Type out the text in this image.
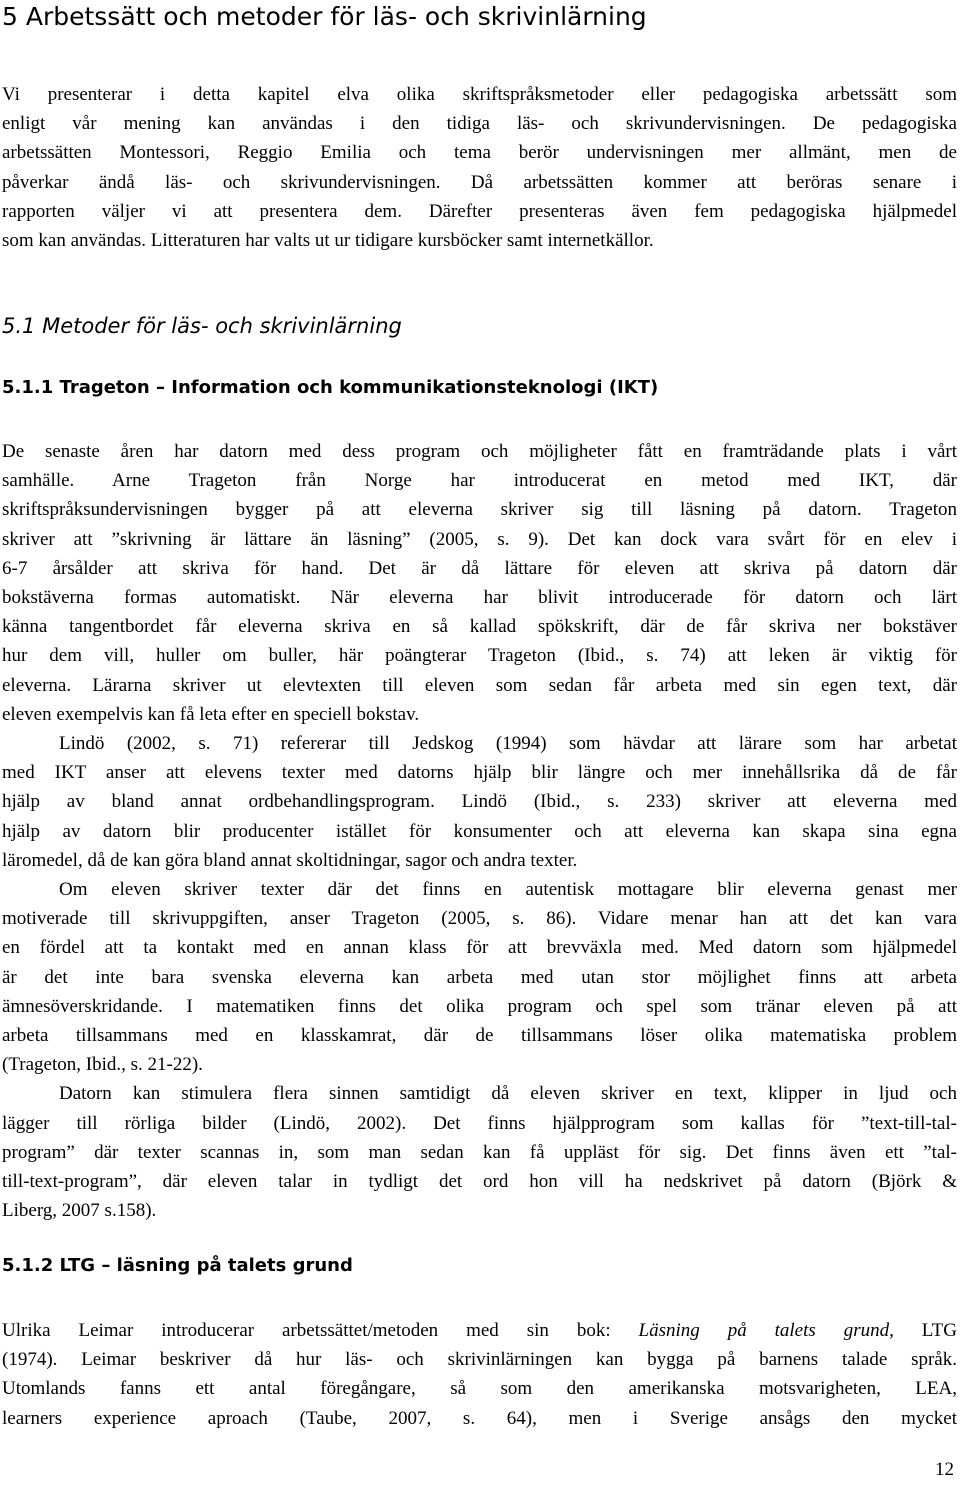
5 Arbetssätt och metoder för läs- och skrivinlärning
Vi presenterar i detta kapitel elva olika skriftspråksmetoder eller pedagogiska arbetssätt som
enligt vår mening kan användas i den tidiga läs- och skrivundervisningen. De pedagogiska
arbetssätten Montessori, Reggio Emilia och tema berör undervisningen mer allmänt, men de
påverkar ändå läs- och skrivundervisningen. Då arbetssätten kommer att beröras senare i
rapporten väljer vi att presentera dem. Därefter presenteras även fem pedagogiska hjälpmedel
som kan användas. Litteraturen har valts ut ur tidigare kursböcker samt internetkällor.
5.1 Metoder för läs- och skrivinlärning
5.1.1 Trageton – Information och kommunikationsteknologi (IKT)
De senaste åren har datorn med dess program och möjligheter fått en framträdande plats i vårt
samhälle. Arne Trageton från Norge har introducerat en metod med IKT, där
skriftspråksundervisningen bygger på att eleverna skriver sig till läsning på datorn. Trageton
skriver att ”skrivning är lättare än läsning” (2005, s. 9). Det kan dock vara svårt för en elev i
6-7 årsålder att skriva för hand. Det är då lättare för eleven att skriva på datorn där
bokstäverna formas automatiskt. När eleverna har blivit introducerade för datorn och lärt
känna tangentbordet får eleverna skriva en så kallad spökskrift, där de får skriva ner bokstäver
hur dem vill, huller om buller, här poängterar Trageton (Ibid., s. 74) att leken är viktig för
eleverna. Lärarna skriver ut elevtexten till eleven som sedan får arbeta med sin egen text, där
eleven exempelvis kan få leta efter en speciell bokstav.
Lindö (2002, s. 71) refererar till Jedskog (1994) som hävdar att lärare som har arbetat
med IKT anser att elevens texter med datorns hjälp blir längre och mer innehållsrika då de får
hjälp av bland annat ordbehandlingsprogram. Lindö (Ibid., s. 233) skriver att eleverna med
hjälp av datorn blir producenter istället för konsumenter och att eleverna kan skapa sina egna
läromedel, då de kan göra bland annat skoltidningar, sagor och andra texter.
Om eleven skriver texter där det finns en autentisk mottagare blir eleverna genast mer
motiverade till skrivuppgiften, anser Trageton (2005, s. 86). Vidare menar han att det kan vara
en fördel att ta kontakt med en annan klass för att brevväxla med. Med datorn som hjälpmedel
är det inte bara svenska eleverna kan arbeta med utan stor möjlighet finns att arbeta
ämnesöverskridande. I matematiken finns det olika program och spel som tränar eleven på att
arbeta tillsammans med en klasskamrat, där de tillsammans löser olika matematiska problem
(Trageton, Ibid., s. 21-22).
Datorn kan stimulera flera sinnen samtidigt då eleven skriver en text, klipper in ljud och
lägger till rörliga bilder (Lindö, 2002). Det finns hjälpprogram som kallas för ”text-till-tal-
program” där texter scannas in, som man sedan kan få uppläst för sig. Det finns även ett ”tal-
till-text-program”, där eleven talar in tydligt det ord hon vill ha nedskrivet på datorn (Björk &
Liberg, 2007 s.158).
5.1.2 LTG – läsning på talets grund
Ulrika Leimar introducerar arbetssättet/metoden med sin bok: Läsning på talets grund, LTG
(1974). Leimar beskriver då hur läs- och skrivinlärningen kan bygga på barnens talade språk.
Utomlands fanns ett antal föregångare, så som den amerikanska motsvarigheten, LEA,
learners experience aproach (Taube, 2007, s. 64), men i Sverige ansågs den mycket
12
